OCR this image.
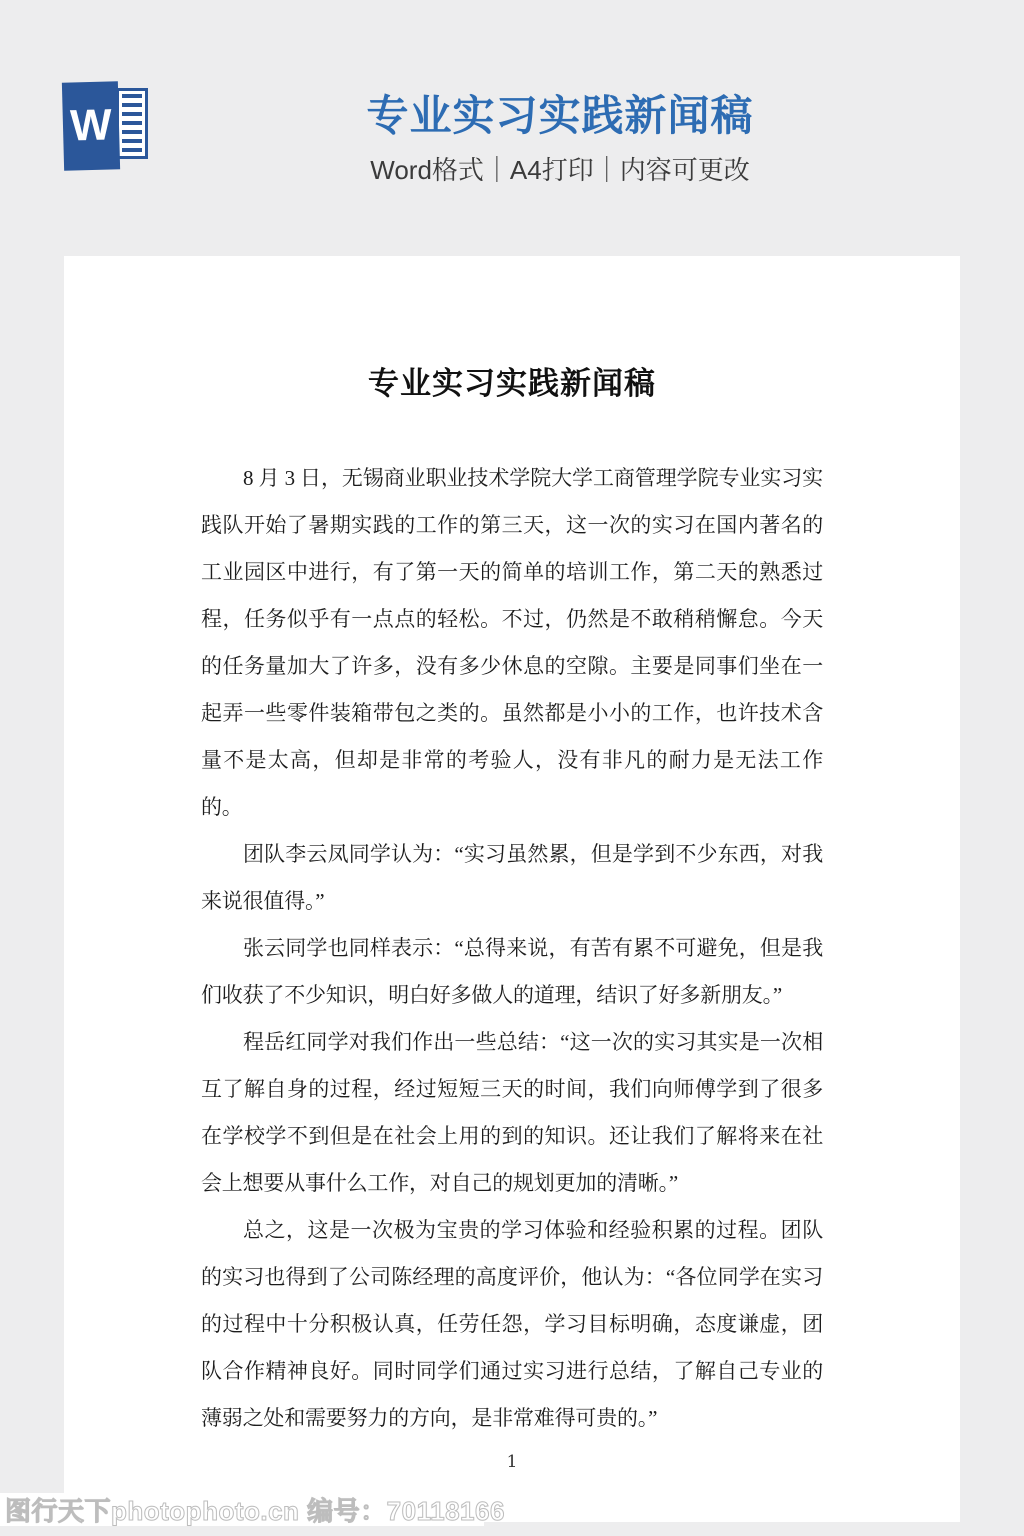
W	专业实习实践新闻稿
Word格式｜A4打印｜内容可更改
专业实习实践新闻稿

8 月 3 日，无锡商业职业技术学院大学工商管理学院专业实习实践队开始了暑期实践的工作的第三天，这一次的实习在国内著名的工业园区中进行，有了第一天的简单的培训工作，第二天的熟悉过程，任务似乎有一点点的轻松。不过，仍然是不敢稍稍懈怠。今天的任务量加大了许多，没有多少休息的空隙。主要是同事们坐在一起弄一些零件装箱带包之类的。虽然都是小小的工作，也许技术含量不是太高，但却是非常的考验人，没有非凡的耐力是无法工作的。

团队李云凤同学认为：“实习虽然累，但是学到不少东西，对我来说很值得。”

张云同学也同样表示：“总得来说，有苦有累不可避免，但是我们收获了不少知识，明白好多做人的道理，结识了好多新朋友。”

程岳红同学对我们作出一些总结：“这一次的实习其实是一次相互了解自身的过程，经过短短三天的时间，我们向师傅学到了很多在学校学不到但是在社会上用的到的知识。还让我们了解将来在社会上想要从事什么工作，对自己的规划更加的清晰。”

总之，这是一次极为宝贵的学习体验和经验积累的过程。团队的实习也得到了公司陈经理的高度评价，他认为：“各位同学在实习的过程中十分积极认真，任劳任怨，学习目标明确，态度谦虚，团队合作精神良好。同时同学们通过实习进行总结，了解自己专业的薄弱之处和需要努力的方向，是非常难得可贵的。”

1
图行天下photophoto.cn 编号：70118166
